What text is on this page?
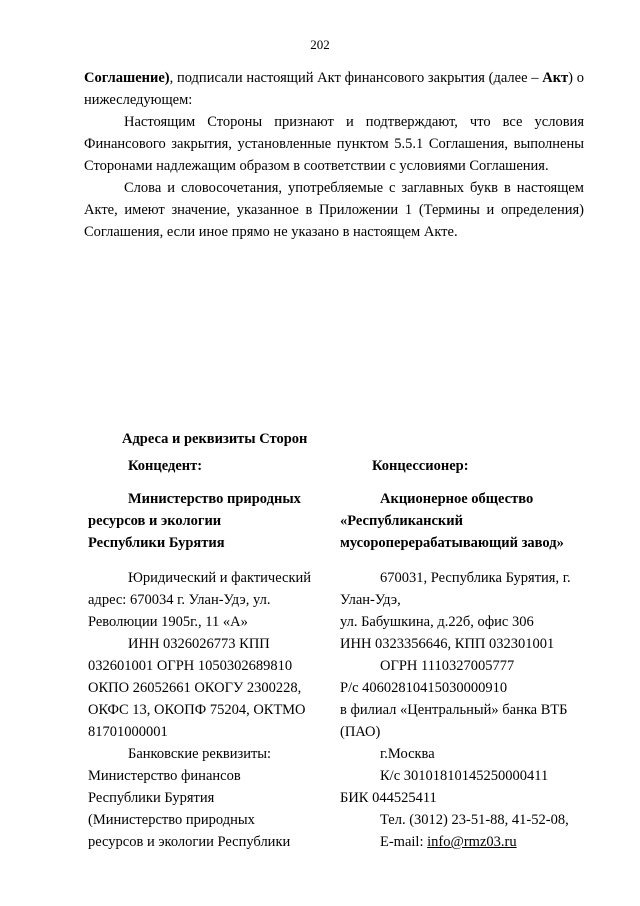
202

Соглашение), подписали настоящий Акт финансового закрытия (далее – Акт) о нижеследующем:

Настоящим Стороны признают и подтверждают, что все условия Финансового закрытия, установленные пунктом 5.5.1 Соглашения, выполнены Сторонами надлежащим образом в соответствии с условиями Соглашения.

Слова и словосочетания, употребляемые с заглавных букв в настоящем Акте, имеют значение, указанное в Приложении 1 (Термины и определения) Соглашения, если иное прямо не указано в настоящем Акте.

Адреса и реквизиты Сторон
Концедент:	Концессионер:

Министерство природных

ресурсов и экологии

Республики Бурятия

Акционерное общество

«Республиканский

мусороперерабатывающий завод»

Юридический и фактический

адрес: 670034 г. Улан-Удэ, ул.

Революции 1905г., 11 «А»

ИНН 0326026773 КПП

032601001 ОГРН 1050302689810

ОКПО 26052661 ОКОГУ 2300228,

ОКФС 13, ОКОПФ 75204, ОКТМО

81701000001

Банковские реквизиты:

Министерство финансов

Республики Бурятия

(Министерство природных

ресурсов и экологии Республики

670031, Республика Бурятия, г.

Улан-Удэ,

ул. Бабушкина, д.22б, офис 306

ИНН 0323356646, КПП 032301001

ОГРН 1110327005777

Р/с 40602810415030000910

в филиал «Центральный» банка ВТБ

(ПАО)

г.Москва

К/с 30101810145250000411

БИК 044525411

Тел. (3012) 23-51-88, 41-52-08,

E-mail: info@rmz03.ru
